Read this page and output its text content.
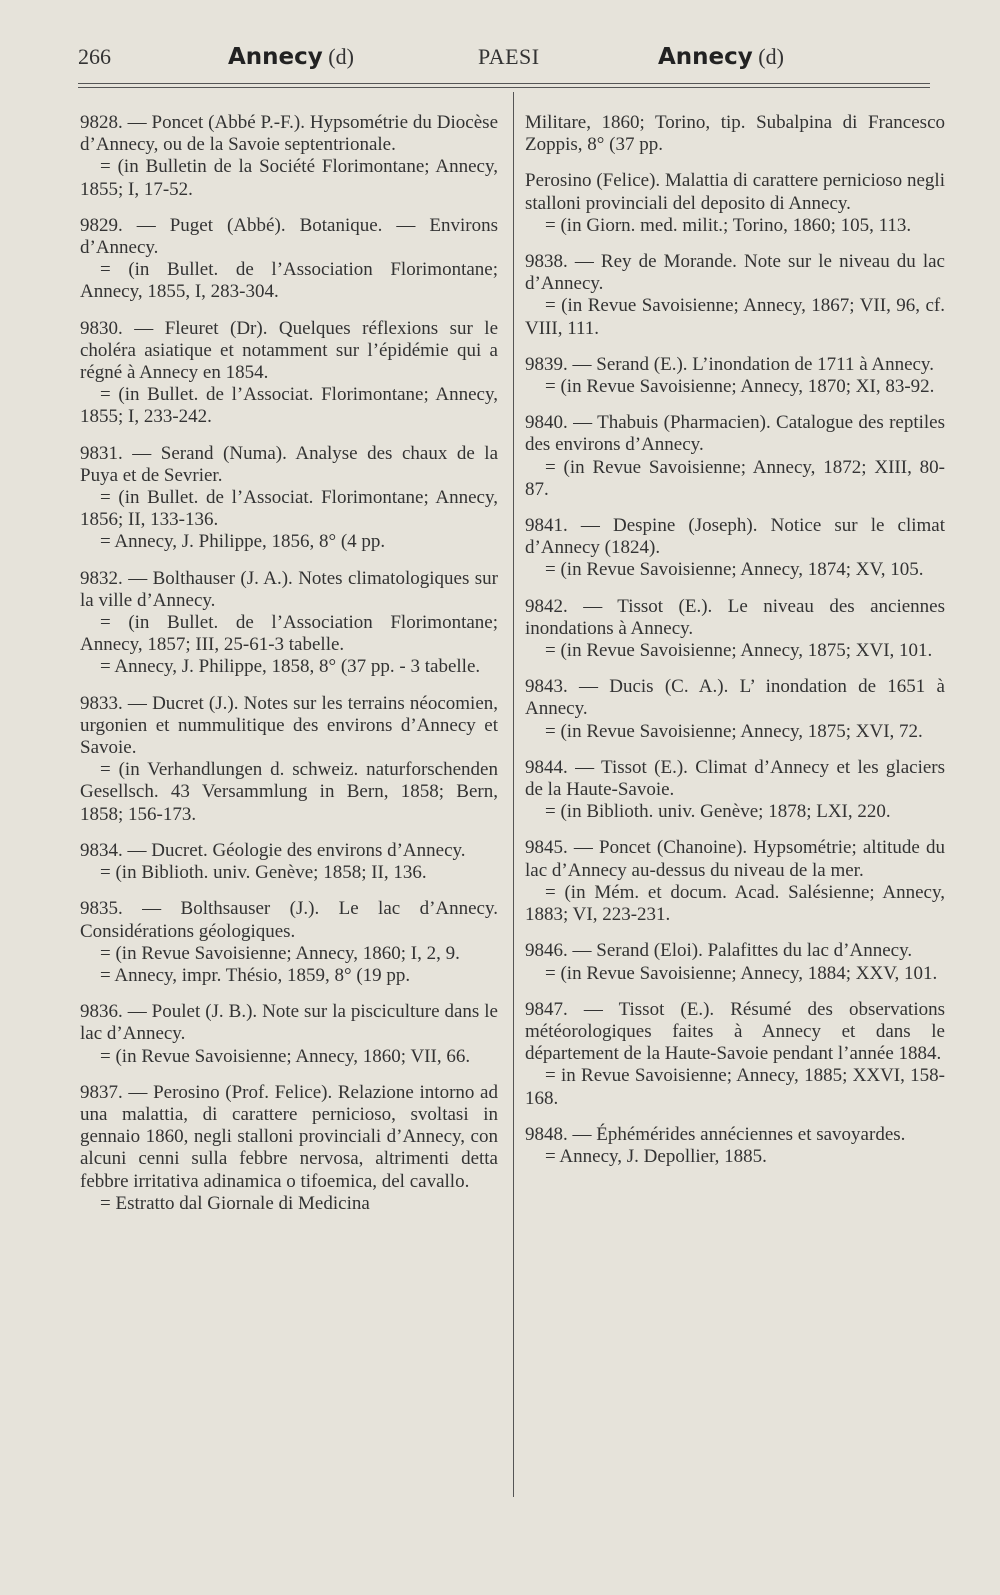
266	Annecy (d)	PAESI	Annecy (d)

9828. — Poncet (Abbé P.-F.). Hypsométrie du Diocèse d’Annecy, ou de la Savoie septentrionale.

= (in Bulletin de la Société Florimontane; Annecy, 1855; I, 17-52.

9829. — Puget (Abbé). Botanique. — Environs d’Annecy.

= (in Bullet. de l’Association Florimontane; Annecy, 1855, I, 283-304.

9830. — Fleuret (Dr). Quelques réflexions sur le choléra asiatique et notamment sur l’épidémie qui a régné à Annecy en 1854.

= (in Bullet. de l’Associat. Florimontane; Annecy, 1855; I, 233-242.

9831. — Serand (Numa). Analyse des chaux de la Puya et de Sevrier.

= (in Bullet. de l’Associat. Florimontane; Annecy, 1856; II, 133-136.

= Annecy, J. Philippe, 1856, 8° (4 pp.

9832. — Bolthauser (J. A.). Notes climatologiques sur la ville d’Annecy.

= (in Bullet. de l’Association Florimontane; Annecy, 1857; III, 25-61-3 tabelle.

= Annecy, J. Philippe, 1858, 8° (37 pp. - 3 tabelle.

9833. — Ducret (J.). Notes sur les terrains néocomien, urgonien et nummulitique des environs d’Annecy et Savoie.

= (in Verhandlungen d. schweiz. naturforschenden Gesellsch. 43 Versammlung in Bern, 1858; Bern, 1858; 156-173.

9834. — Ducret. Géologie des environs d’Annecy.

= (in Biblioth. univ. Genève; 1858; II, 136.

9835. — Bolthsauser (J.). Le lac d’Annecy. Considérations géologiques.

= (in Revue Savoisienne; Annecy, 1860; I, 2, 9.

= Annecy, impr. Thésio, 1859, 8° (19 pp.

9836. — Poulet (J. B.). Note sur la pisciculture dans le lac d’Annecy.

= (in Revue Savoisienne; Annecy, 1860; VII, 66.

9837. — Perosino (Prof. Felice). Relazione intorno ad una malattia, di carattere pernicioso, svoltasi in gennaio 1860, negli stalloni provinciali d’Annecy, con alcuni cenni sulla febbre nervosa, altrimenti detta febbre irritativa adinamica o tifoemica, del cavallo.

= Estratto dal Giornale di Medicina

Militare, 1860; Torino, tip. Subalpina di Francesco Zoppis, 8° (37 pp.

Perosino (Felice). Malattia di carattere pernicioso negli stalloni provinciali del deposito di Annecy.

= (in Giorn. med. milit.; Torino, 1860; 105, 113.

9838. — Rey de Morande. Note sur le niveau du lac d’Annecy.

= (in Revue Savoisienne; Annecy, 1867; VII, 96, cf. VIII, 111.

9839. — Serand (E.). L’inondation de 1711 à Annecy.

= (in Revue Savoisienne; Annecy, 1870; XI, 83-92.

9840. — Thabuis (Pharmacien). Catalogue des reptiles des environs d’Annecy.

= (in Revue Savoisienne; Annecy, 1872; XIII, 80-87.

9841. — Despine (Joseph). Notice sur le climat d’Annecy (1824).

= (in Revue Savoisienne; Annecy, 1874; XV, 105.

9842. — Tissot (E.). Le niveau des anciennes inondations à Annecy.

= (in Revue Savoisienne; Annecy, 1875; XVI, 101.

9843. — Ducis (C. A.). L’ inondation de 1651 à Annecy.

= (in Revue Savoisienne; Annecy, 1875; XVI, 72.

9844. — Tissot (E.). Climat d’Annecy et les glaciers de la Haute-Savoie.

= (in Biblioth. univ. Genève; 1878; LXI, 220.

9845. — Poncet (Chanoine). Hypsométrie; altitude du lac d’Annecy au-dessus du niveau de la mer.

= (in Mém. et docum. Acad. Salésienne; Annecy, 1883; VI, 223-231.

9846. — Serand (Eloi). Palafittes du lac d’Annecy.

= (in Revue Savoisienne; Annecy, 1884; XXV, 101.

9847. — Tissot (E.). Résumé des observations météorologiques faites à Annecy et dans le département de la Haute-Savoie pendant l’année 1884.

= in Revue Savoisienne; Annecy, 1885; XXVI, 158-168.

9848. — Éphémérides annéciennes et savoyardes.

= Annecy, J. Depollier, 1885.
